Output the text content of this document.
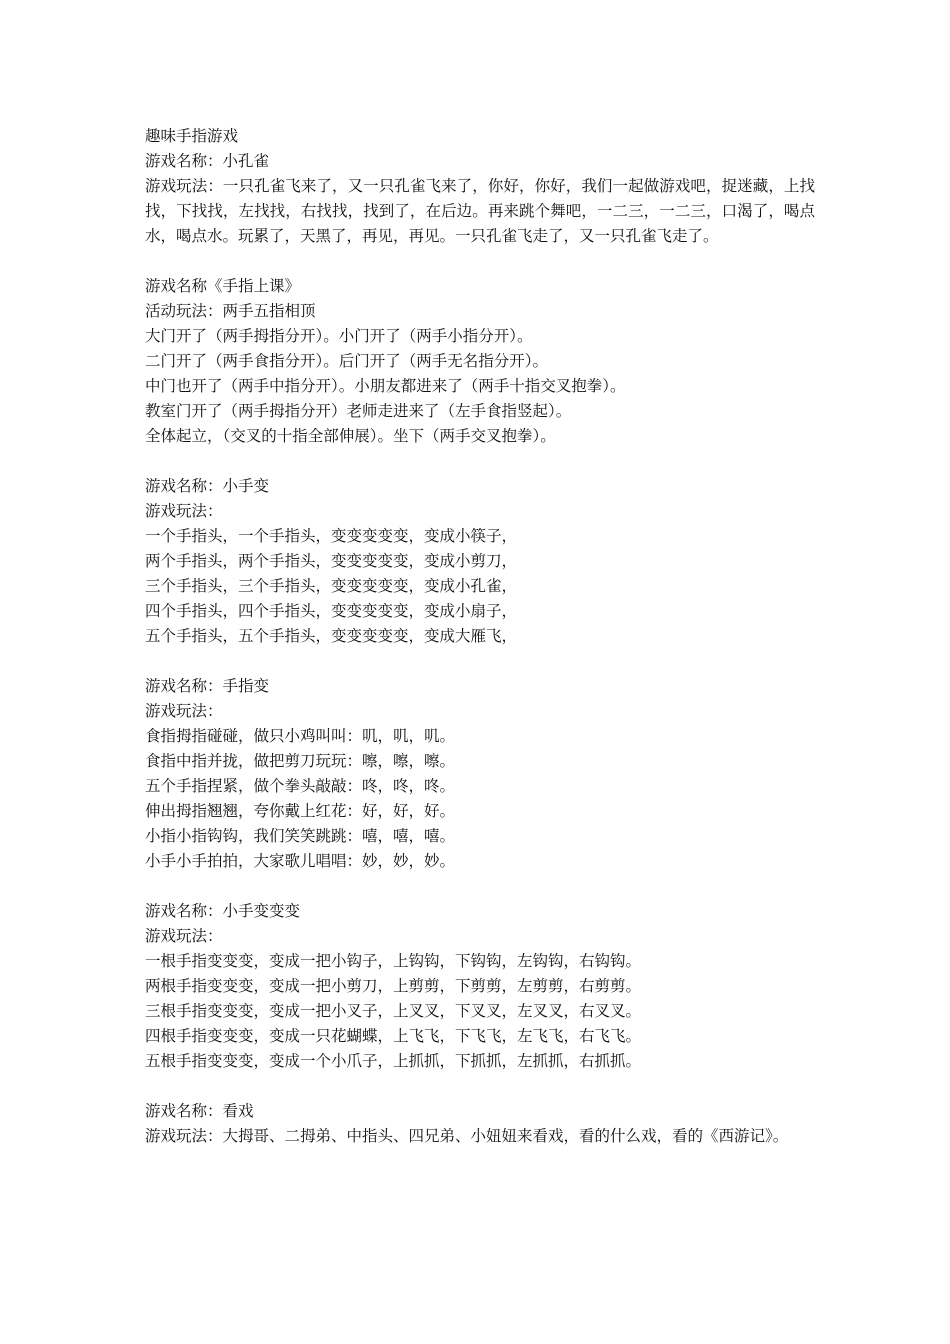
趣味手指游戏
游戏名称：小孔雀
游戏玩法：一只孔雀飞来了，又一只孔雀飞来了，你好，你好，我们一起做游戏吧，捉迷藏，上找找，下找找，左找找，右找找，找到了，在后边。再来跳个舞吧，一二三，一二三，口渴了，喝点水，喝点水。玩累了，天黑了，再见，再见。一只孔雀飞走了，又一只孔雀飞走了。
游戏名称《手指上课》
活动玩法：两手五指相顶
大门开了（两手拇指分开）。小门开了（两手小指分开）。
二门开了（两手食指分开）。后门开了（两手无名指分开）。
中门也开了（两手中指分开）。小朋友都进来了（两手十指交叉抱拳）。
教室门开了（两手拇指分开）老师走进来了（左手食指竖起）。
全体起立，（交叉的十指全部伸展）。坐下（两手交叉抱拳）。
游戏名称：小手变
游戏玩法：
一个手指头，一个手指头，变变变变变，变成小筷子，
两个手指头，两个手指头，变变变变变，变成小剪刀，
三个手指头，三个手指头，变变变变变，变成小孔雀，
四个手指头，四个手指头，变变变变变，变成小扇子，
五个手指头，五个手指头，变变变变变，变成大雁飞，
游戏名称：手指变
游戏玩法：
食指拇指碰碰，做只小鸡叫叫：叽，叽，叽。
食指中指并拢，做把剪刀玩玩：嚓，嚓，嚓。
五个手指捏紧，做个拳头敲敲：咚，咚，咚。
伸出拇指翘翘，夸你戴上红花：好，好，好。
小指小指钩钩，我们笑笑跳跳：嘻，嘻，嘻。
小手小手拍拍，大家歌儿唱唱：妙，妙，妙。
游戏名称：小手变变变
游戏玩法：
一根手指变变变，变成一把小钩子，上钩钩，下钩钩，左钩钩，右钩钩。
两根手指变变变，变成一把小剪刀，上剪剪，下剪剪，左剪剪，右剪剪。
三根手指变变变，变成一把小叉子，上叉叉，下叉叉，左叉叉，右叉叉。
四根手指变变变，变成一只花蝴蝶，上飞飞，下飞飞，左飞飞，右飞飞。
五根手指变变变，变成一个小爪子，上抓抓，下抓抓，左抓抓，右抓抓。
游戏名称：看戏
游戏玩法：大拇哥、二拇弟、中指头、四兄弟、小妞妞来看戏，看的什么戏，看的《西游记》。
